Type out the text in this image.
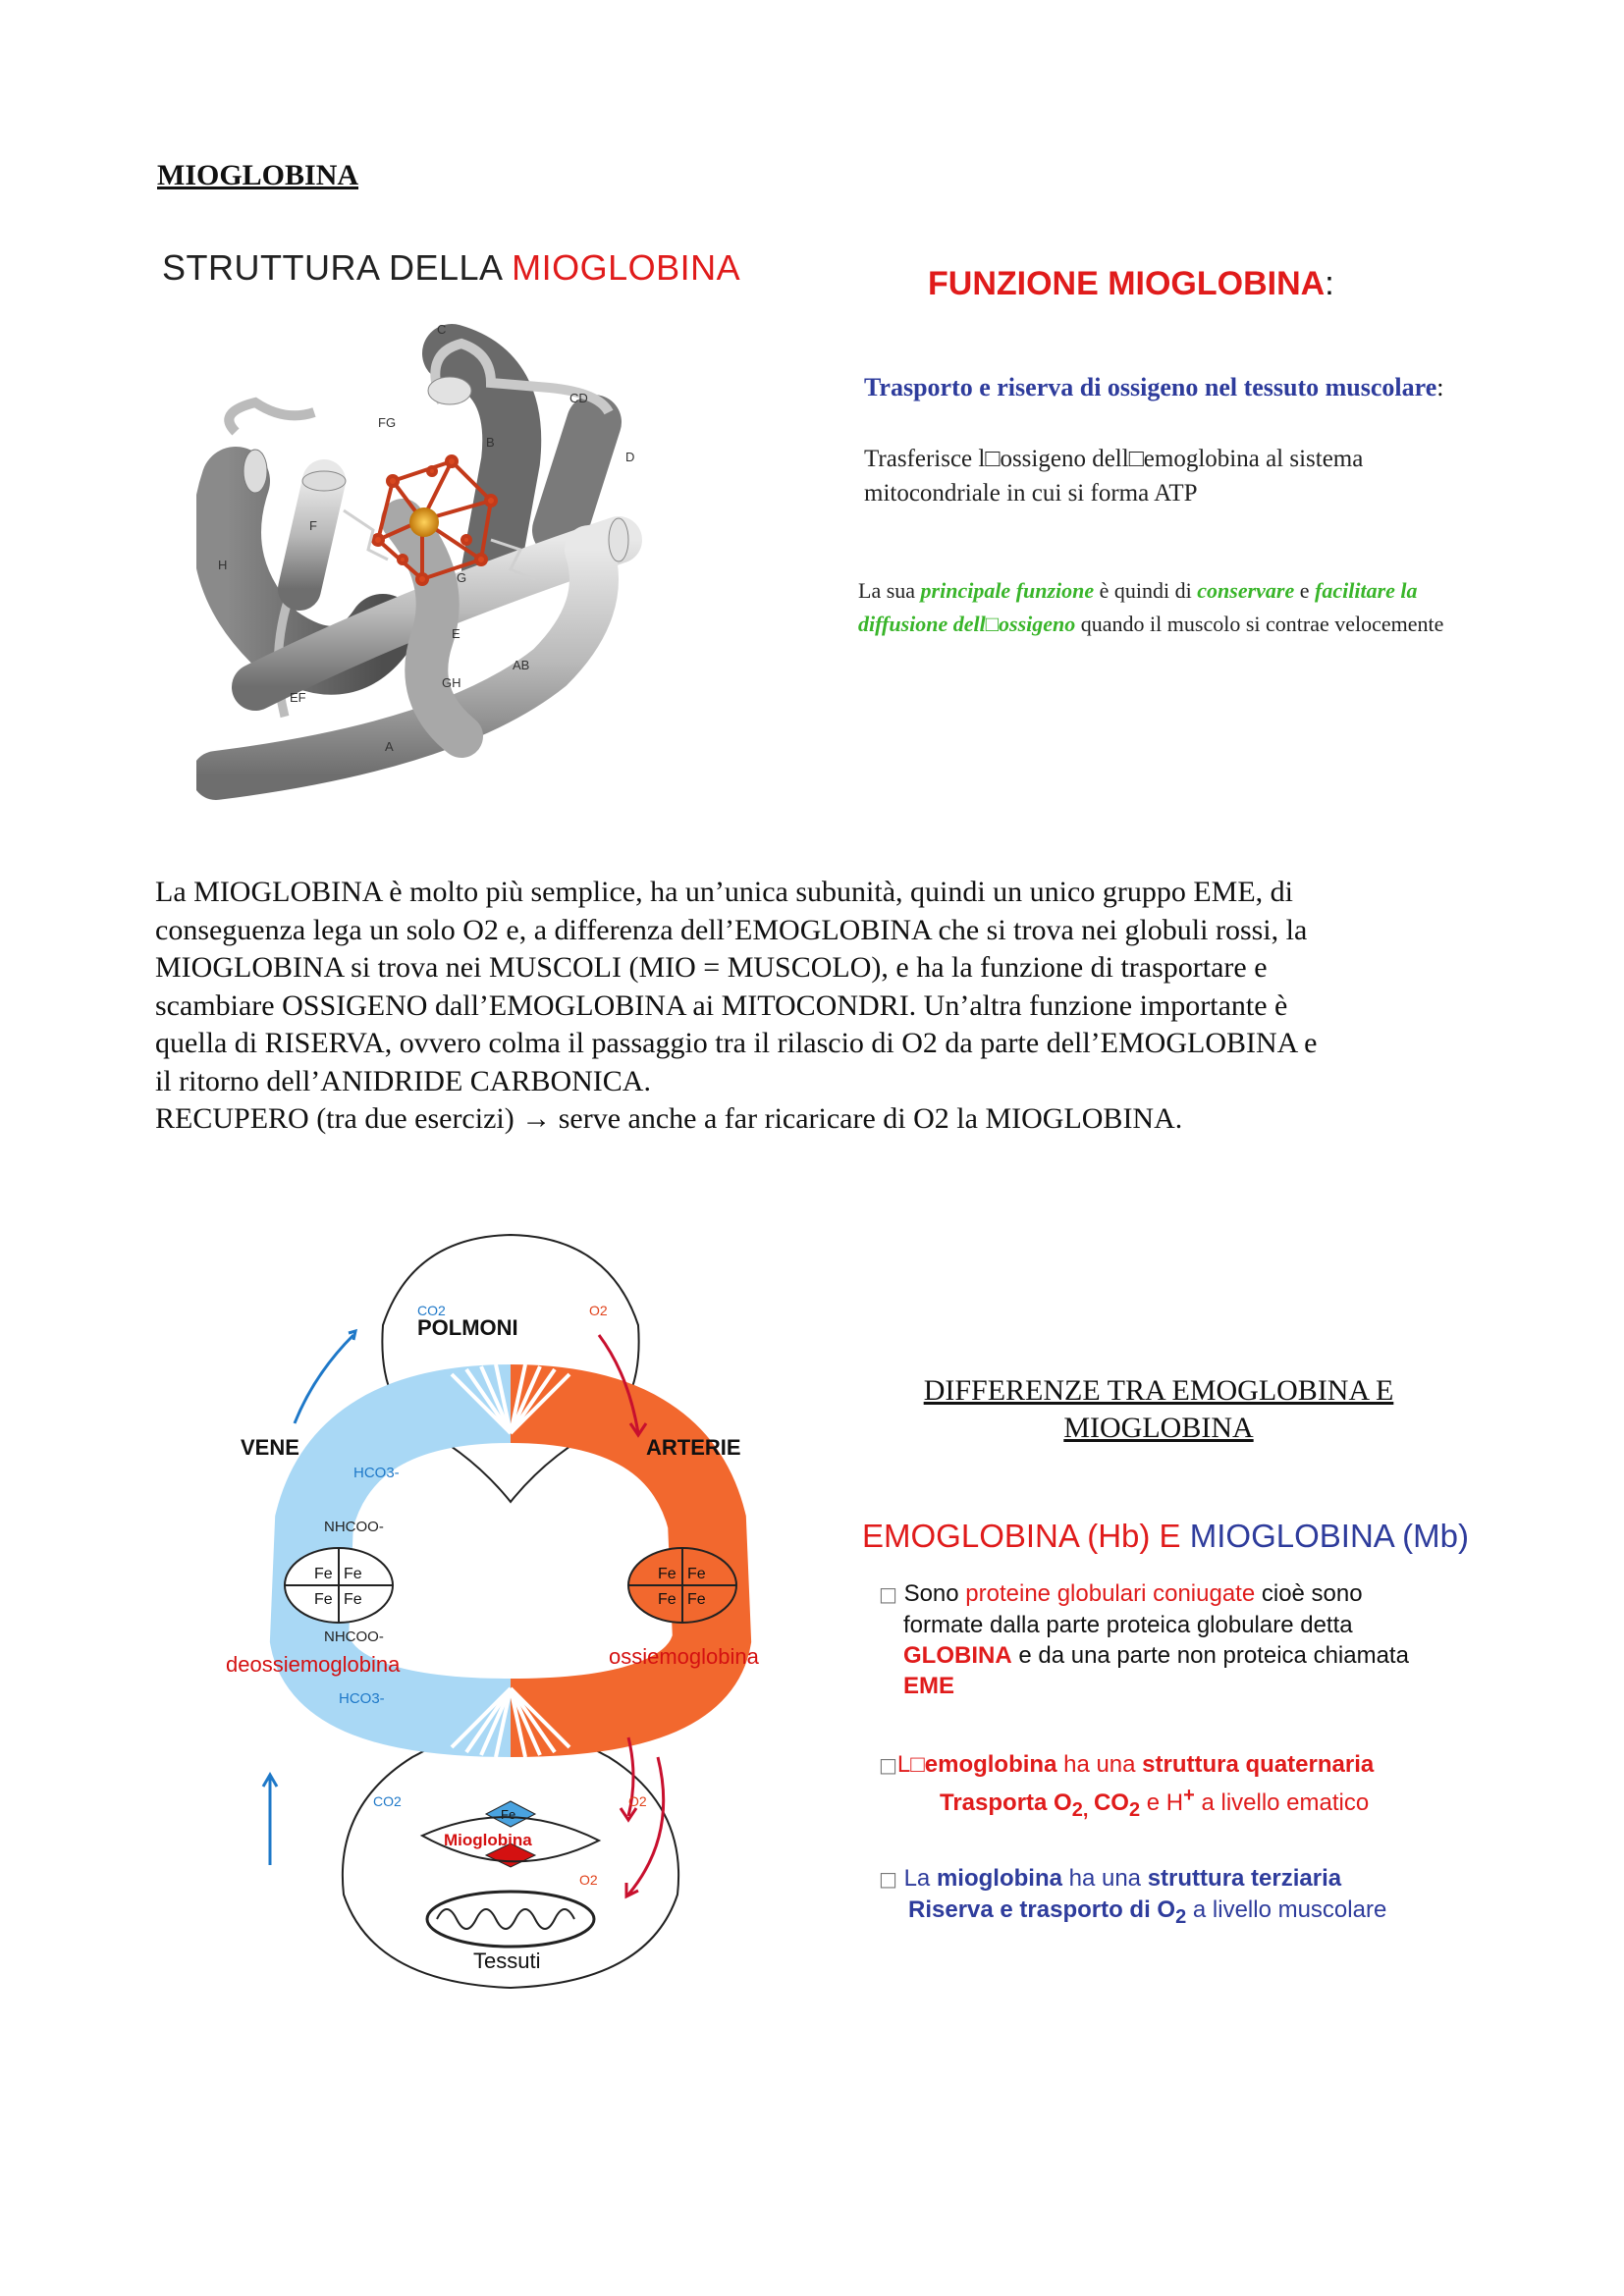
MIOGLOBINA
STRUTTURA DELLA MIOGLOBINA
C
CD
FG
B
D
F
H
G
E
AB
GH
EF
A
FUNZIONE MIOGLOBINA:
Trasporto e riserva di ossigeno nel tessuto muscolare:
Trasferisce l□ossigeno dell□emoglobina al sistema
mitocondriale in cui si forma ATP
La sua principale funzione è quindi di conservare e facilitare la
diffusione dell□ossigeno quando il muscolo si contrae velocemente

La MIOGLOBINA è molto più semplice, ha un’unica subunità, quindi un unico gruppo EME, di

conseguenza lega un solo O2 e, a differenza dell’EMOGLOBINA che si trova nei globuli rossi, la

MIOGLOBINA si trova nei MUSCOLI (MIO = MUSCOLO), e ha la funzione di trasportare e

scambiare OSSIGENO dall’EMOGLOBINA ai MITOCONDRI. Un’altra funzione importante è

quella di RISERVA, ovvero colma il passaggio tra il rilascio di O2 da parte dell’EMOGLOBINA e

il ritorno dell’ANIDRIDE CARBONICA.

RECUPERO (tra due esercizi) → serve anche a far ricaricare di O2 la MIOGLOBINA.

Fe Fe
Fe Fe
Fe Fe
Fe Fe
NHCOO-
NHCOO-
CO2	O2
HCO3-
HCO3-
CO2	O2
O2
Fe
Mioglobina
POLMONI
VENE	ARTERIE
deossiemoglobina	ossiemoglobina
Tessuti
DIFFERENZE TRA EMOGLOBINA E MIOGLOBINA
EMOGLOBINA (Hb) E MIOGLOBINA (Mb)
□ Sono proteine globulari coniugate cioè sono
formate dalla parte proteica globulare detta
GLOBINA e da una parte non proteica chiamata
EME
□L□emoglobina ha una struttura quaternaria
Trasporta $O_{2,}$ $CO_2$ e H+ a livello ematico
□ La mioglobina ha una struttura terziaria
Riserva e trasporto di $O_2$ a livello muscolare
